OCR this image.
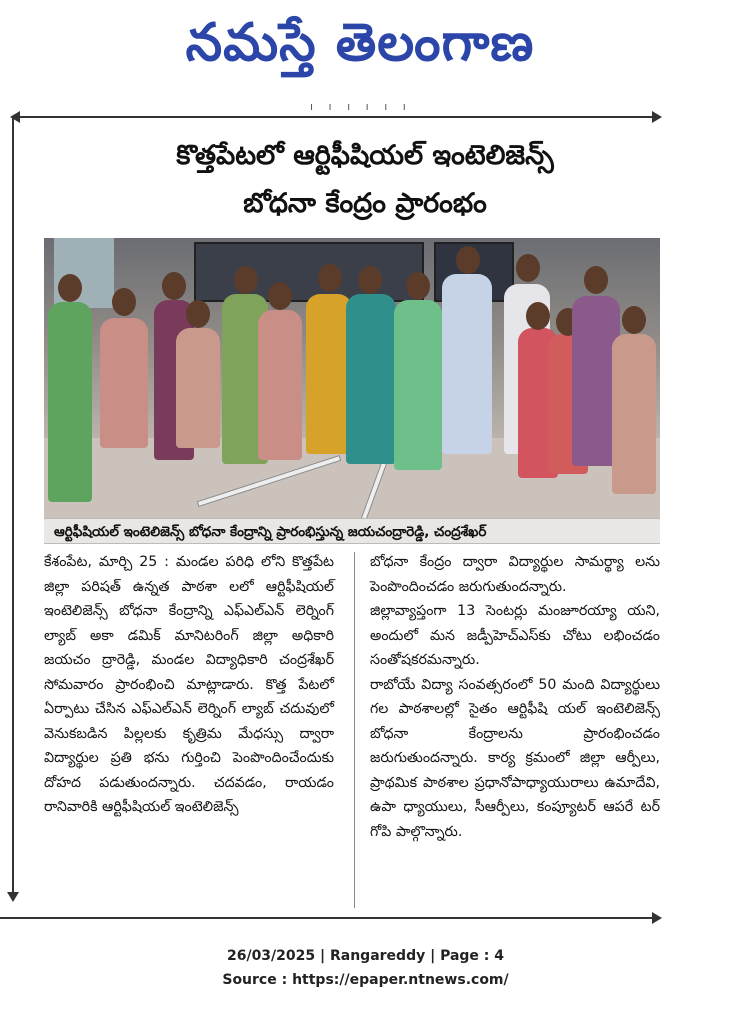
నమస్తే తెలంగాణ
ı ı ı ı ı ı
కొత్తపేటలో ఆర్టిఫీషియల్ ఇంటెలిజెన్స్
బోధనా కేంద్రం ప్రారంభం
ఆర్టిఫీషియల్ ఇంటెలిజెన్స్ బోధనా కేంద్రాన్ని ప్రారంభిస్తున్న జయచంద్రారెడ్డి, చంద్రశేఖర్
కేశంపేట, మార్చి 25 : మండల పరిధి లోని కొత్తపేట జిల్లా పరిషత్ ఉన్నత పాఠశా లలో ఆర్టిఫీషియల్ ఇంటెలిజెన్స్ బోధనా కేంద్రాన్ని ఎఫ్ఎల్ఎన్ లెర్నింగ్ ల్యాబ్ అకా డమిక్ మానిటరింగ్ జిల్లా అధికారి జయచం ద్రారెడ్డి, మండల విద్యాధికారి చంద్రశేఖర్ సోమవారం ప్రారంభించి మాట్లాడారు. కొత్త పేటలో ఏర్పాటు చేసిన ఎఫ్ఎల్ఎన్ లెర్నింగ్ ల్యాబ్ చదువులో వెనుకబడిన పిల్లలకు కృత్రిమ మేధస్సు ద్వారా విద్యార్థుల ప్రతి భను గుర్తించి పెంపొందించేందుకు దోహద పడుతుందన్నారు. చదవడం, రాయడం రానివారికి ఆర్టిఫీషియల్ ఇంటెలిజెన్స్
బోధనా కేంద్రం ద్వారా విద్యార్థుల సామర్థ్యా లను పెంపొందించడం జరుగుతుందన్నారు.
జిల్లావ్యాప్తంగా 13 సెంటర్లు మంజూరయ్యా యని, అందులో మన జడ్పీహెచ్ఎస్‌కు చోటు లభించడం సంతోషకరమన్నారు.
రాబోయే విద్యా సంవత్సరంలో 50 మంది విద్యార్థులు గల పాఠశాలల్లో సైతం ఆర్టిఫీషి యల్ ఇంటెలిజెన్స్ బోధనా కేంద్రాలను ప్రారంభించడం జరుగుతుందన్నారు. కార్య క్రమంలో జిల్లా ఆర్పీలు, ప్రాథమిక పాఠశాల ప్రధానోపాధ్యాయురాలు ఉమాదేవి, ఉపా ధ్యాయులు, సీఆర్పీలు, కంప్యూటర్ ఆపరే టర్ గోపి పాల్గొన్నారు.
26/03/2025 | Rangareddy | Page : 4
Source : https://epaper.ntnews.com/
